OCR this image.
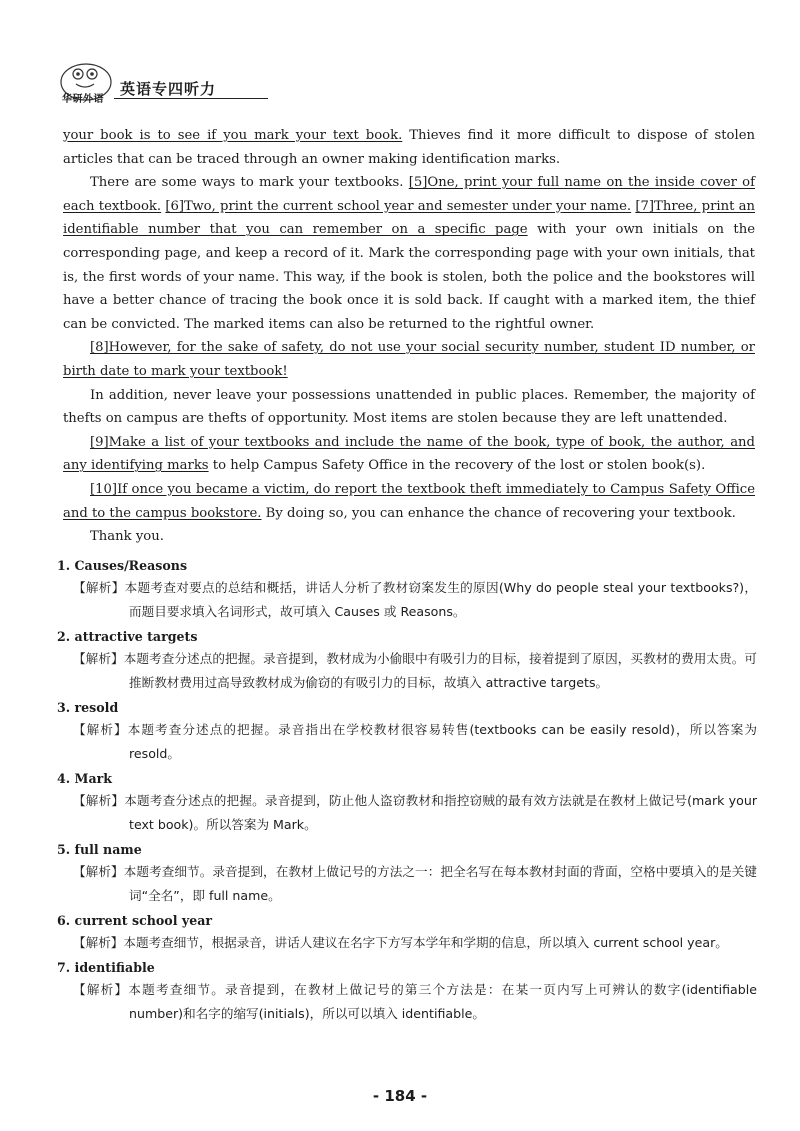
华研外语
英语专四听力

your book is to see if you mark your text book. Thieves find it more difficult to dispose of stolen articles that can be traced through an owner making identification marks.

There are some ways to mark your textbooks. [5]One, print your full name on the inside cover of each textbook. [6]Two, print the current school year and semester under your name. [7]Three, print an identifiable number that you can remember on a specific page with your own initials on the corresponding page, and keep a record of it. Mark the corresponding page with your own initials, that is, the first words of your name. This way, if the book is stolen, both the police and the bookstores will have a better chance of tracing the book once it is sold back. If caught with a marked item, the thief can be convicted. The marked items can also be returned to the rightful owner.

[8]However, for the sake of safety, do not use your social security number, student ID number, or birth date to mark your textbook!

In addition, never leave your possessions unattended in public places. Remember, the majority of thefts on campus are thefts of opportunity. Most items are stolen because they are left unattended.

[9]Make a list of your textbooks and include the name of the book, type of book, the author, and any identifying marks to help Campus Safety Office in the recovery of the lost or stolen book(s).

[10]If once you became a victim, do report the textbook theft immediately to Campus Safety Office and to the campus bookstore. By doing so, you can enhance the chance of recovering your textbook.

Thank you.

1. Causes/Reasons
【解析】本题考查对要点的总结和概括，讲话人分析了教材窃案发生的原因(Why do people steal your textbooks?)，而题目要求填入名词形式，故可填入 Causes 或 Reasons。
2. attractive targets
【解析】本题考查分述点的把握。录音提到，教材成为小偷眼中有吸引力的目标，接着提到了原因，买教材的费用太贵。可推断教材费用过高导致教材成为偷窃的有吸引力的目标，故填入 attractive targets。
3. resold
【解析】本题考查分述点的把握。录音指出在学校教材很容易转售(textbooks can be easily resold)，所以答案为 resold。
4. Mark
【解析】本题考查分述点的把握。录音提到，防止他人盗窃教材和指控窃贼的最有效方法就是在教材上做记号(mark your text book)。所以答案为 Mark。
5. full name
【解析】本题考查细节。录音提到，在教材上做记号的方法之一：把全名写在每本教材封面的背面，空格中要填入的是关键词“全名”，即 full name。
6. current school year
【解析】本题考查细节，根据录音，讲话人建议在名字下方写本学年和学期的信息，所以填入 current school year。
7. identifiable
【解析】本题考查细节。录音提到，在教材上做记号的第三个方法是：在某一页内写上可辨认的数字(identifiable number)和名字的缩写(initials)，所以可以填入 identifiable。
- 184 -
